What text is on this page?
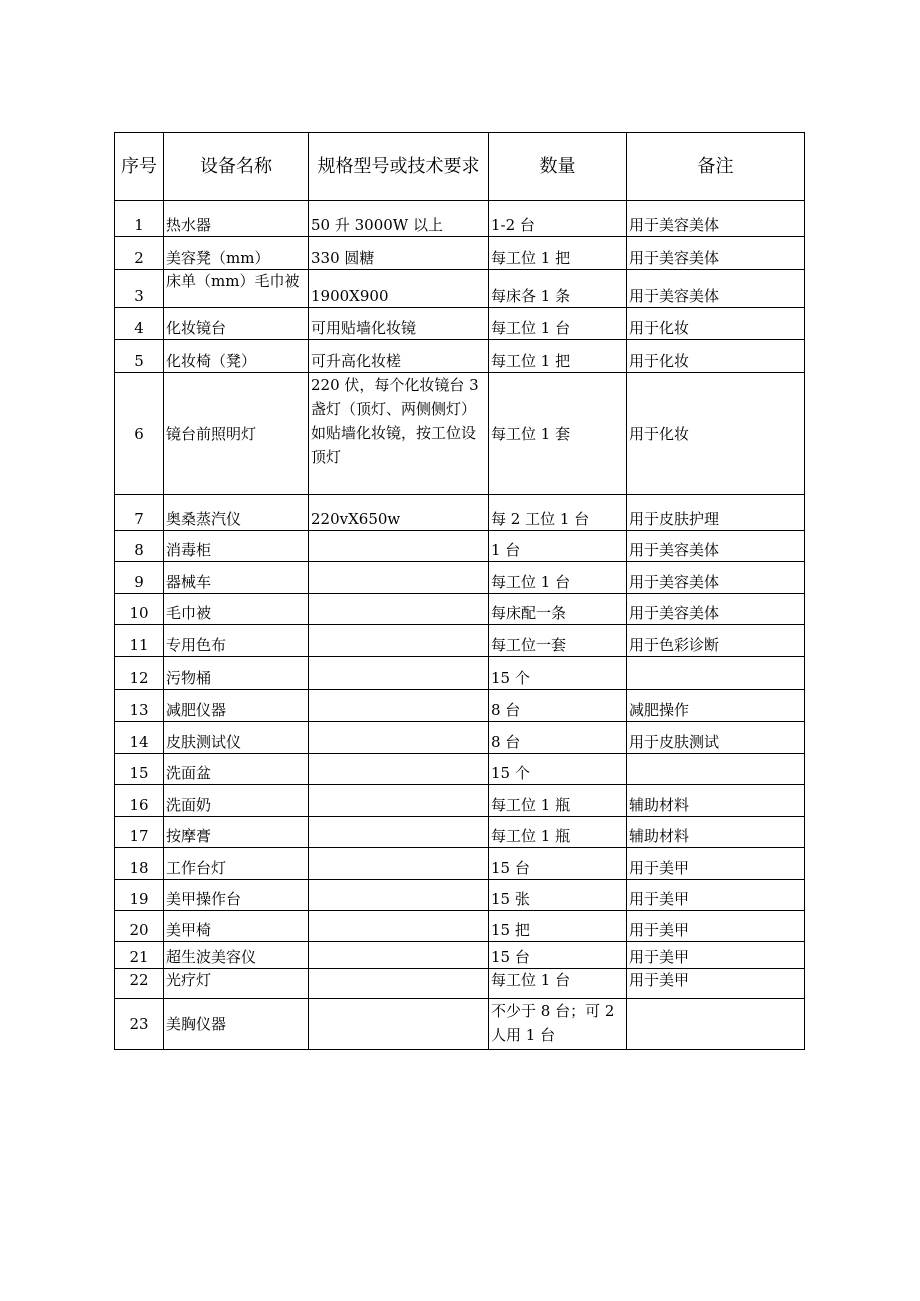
序号	设备名称	规格型号或技术要求	数量	备注
1	热水器	50 升 3000W 以上	1-2 台	用于美容美体
2	美容凳（mm）	330 圆糖	每工位 1 把	用于美容美体
3	床单（mm）毛巾被	1900X900	每床各 1 条	用于美容美体
4	化妆镜台	可用贴墙化妆镜	每工位 1 台	用于化妆
5	化妆椅（凳）	可升高化妆槎	每工位 1 把	用于化妆
6	镜台前照明灯	220 伏，每个化妆镜台 3 盏灯（顶灯、两侧侧灯）如贴墙化妆镜，按工位设顶灯	每工位 1 套	用于化妆
7	奥桑蒸汽仪	220vX650w	每 2 工位 1 台	用于皮肤护理
8	消毒柜		1 台	用于美容美体
9	器械车		每工位 1 台	用于美容美体
10	毛巾被		每床配一条	用于美容美体
11	专用色布		每工位一套	用于色彩诊断
12	污物桶		15 个	
13	减肥仪器		8 台	减肥操作
14	皮肤测试仪		8 台	用于皮肤测试
15	洗面盆		15 个	
16	洗面奶		每工位 1 瓶	辅助材料
17	按摩膏		每工位 1 瓶	辅助材料
18	工作台灯		15 台	用于美甲
19	美甲操作台		15 张	用于美甲
20	美甲椅		15 把	用于美甲
21	超生波美容仪		15 台	用于美甲
22	光疗灯		每工位 1 台	用于美甲
23	美胸仪器		不少于 8 台；可 2 人用 1 台	
